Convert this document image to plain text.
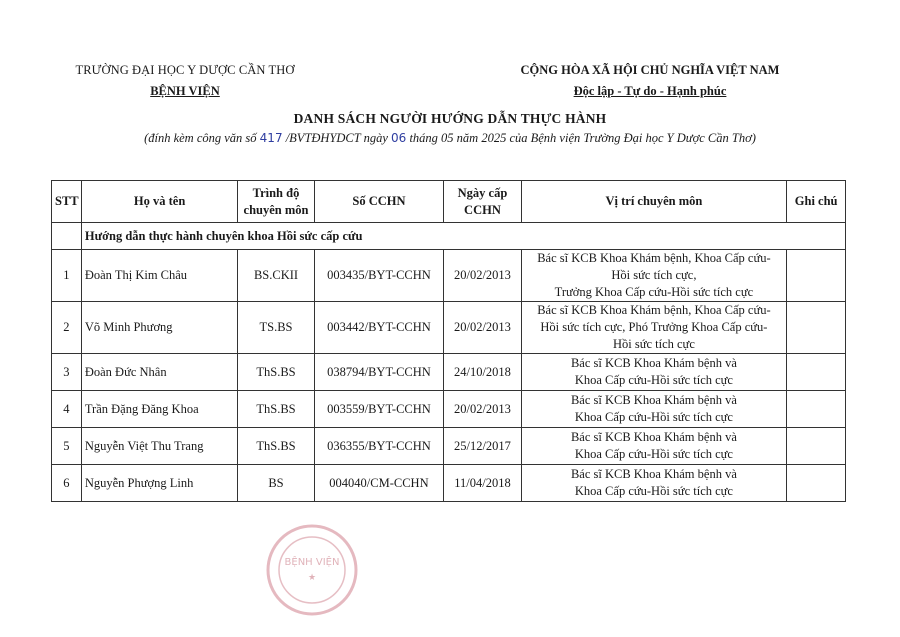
TRƯỜNG ĐẠI HỌC Y DƯỢC CẦN THƠ
BỆNH VIỆN
CỘNG HÒA XÃ HỘI CHỦ NGHĨA VIỆT NAM
Độc lập - Tự do - Hạnh phúc
DANH SÁCH NGƯỜI HƯỚNG DẪN THỰC HÀNH
(đính kèm công văn số 417 /BVTĐHYDCT ngày 06 tháng 05 năm 2025 của Bệnh viện Trường Đại học Y Dược Cần Thơ)
STT	Họ và tên	Trình độ chuyên môn	Số CCHN	Ngày cấp CCHN	Vị trí chuyên môn	Ghi chú
	Hướng dẫn thực hành chuyên khoa Hồi sức cấp cứu					
1	Đoàn Thị Kim Châu	BS.CKII	003435/BYT-CCHN	20/02/2013	Bác sĩ KCB Khoa Khám bệnh, Khoa Cấp cứu-
Hồi sức tích cực,
Trưởng Khoa Cấp cứu-Hồi sức tích cực	

2	Võ Minh Phương	TS.BS	003442/BYT-CCHN	20/02/2013	Bác sĩ KCB Khoa Khám bệnh, Khoa Cấp cứu-
Hồi sức tích cực, Phó Trưởng Khoa Cấp cứu-
Hồi sức tích cực	

3	Đoàn Đức Nhân	ThS.BS	038794/BYT-CCHN	24/10/2018	Bác sĩ KCB Khoa Khám bệnh và
Khoa Cấp cứu-Hồi sức tích cực	

4	Trần Đặng Đăng Khoa	ThS.BS	003559/BYT-CCHN	20/02/2013	Bác sĩ KCB Khoa Khám bệnh và
Khoa Cấp cứu-Hồi sức tích cực	

5	Nguyễn Việt Thu Trang	ThS.BS	036355/BYT-CCHN	25/12/2017	Bác sĩ KCB Khoa Khám bệnh và
Khoa Cấp cứu-Hồi sức tích cực	

6	Nguyễn Phượng Linh	BS	004040/CM-CCHN	11/04/2018	Bác sĩ KCB Khoa Khám bệnh và
Khoa Cấp cứu-Hồi sức tích cực	

BỆNH VIỆN
★
